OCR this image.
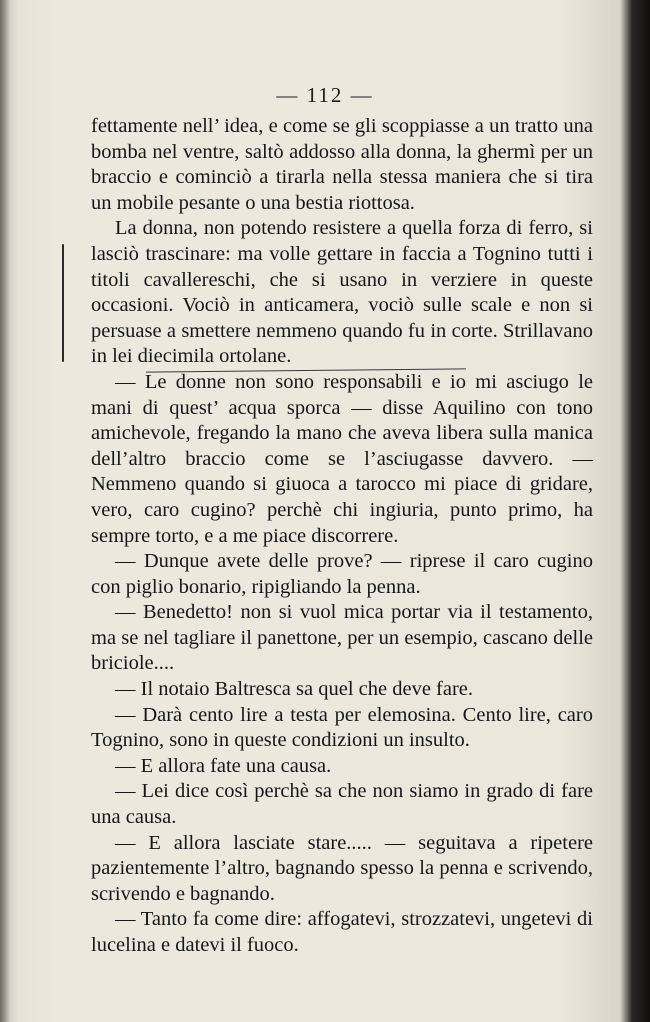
— 112 —

fettamente nell’ idea, e come se gli scoppiasse a un tratto una bomba nel ventre, saltò addosso alla donna, la ghermì per un braccio e cominciò a tirarla nella stessa maniera che si tira un mobile pesante o una bestia riottosa.

La donna, non potendo resistere a quella forza di ferro, si lasciò trascinare: ma volle gettare in faccia a Tognino tutti i titoli cavallereschi, che si usano in verziere in queste occasioni. Vociò in anticamera, vociò sulle scale e non si persuase a smettere nemmeno quando fu in corte. Strillavano in lei diecimila ortolane.

— Le donne non sono responsabili e io mi asciugo le mani di quest’ acqua sporca — disse Aquilino con tono amichevole, fregando la mano che aveva libera sulla manica dell’altro braccio come se l’asciugasse davvero. — Nemmeno quando si giuoca a tarocco mi piace di gridare, vero, caro cugino? perchè chi ingiuria, punto primo, ha sempre torto, e a me piace discorrere.

— Dunque avete delle prove? — riprese il caro cugino con piglio bonario, ripigliando la penna.

— Benedetto! non si vuol mica portar via il testamento, ma se nel tagliare il panettone, per un esempio, cascano delle briciole....

— Il notaio Baltresca sa quel che deve fare.

— Darà cento lire a testa per elemosina. Cento lire, caro Tognino, sono in queste condizioni un insulto.

— E allora fate una causa.

— Lei dice così perchè sa che non siamo in grado di fare una causa.

— E allora lasciate stare..... — seguitava a ripetere pazientemente l’altro, bagnando spesso la penna e scrivendo, scrivendo e bagnando.

— Tanto fa come dire: affogatevi, strozzatevi, ungetevi di lucelina e datevi il fuoco.
